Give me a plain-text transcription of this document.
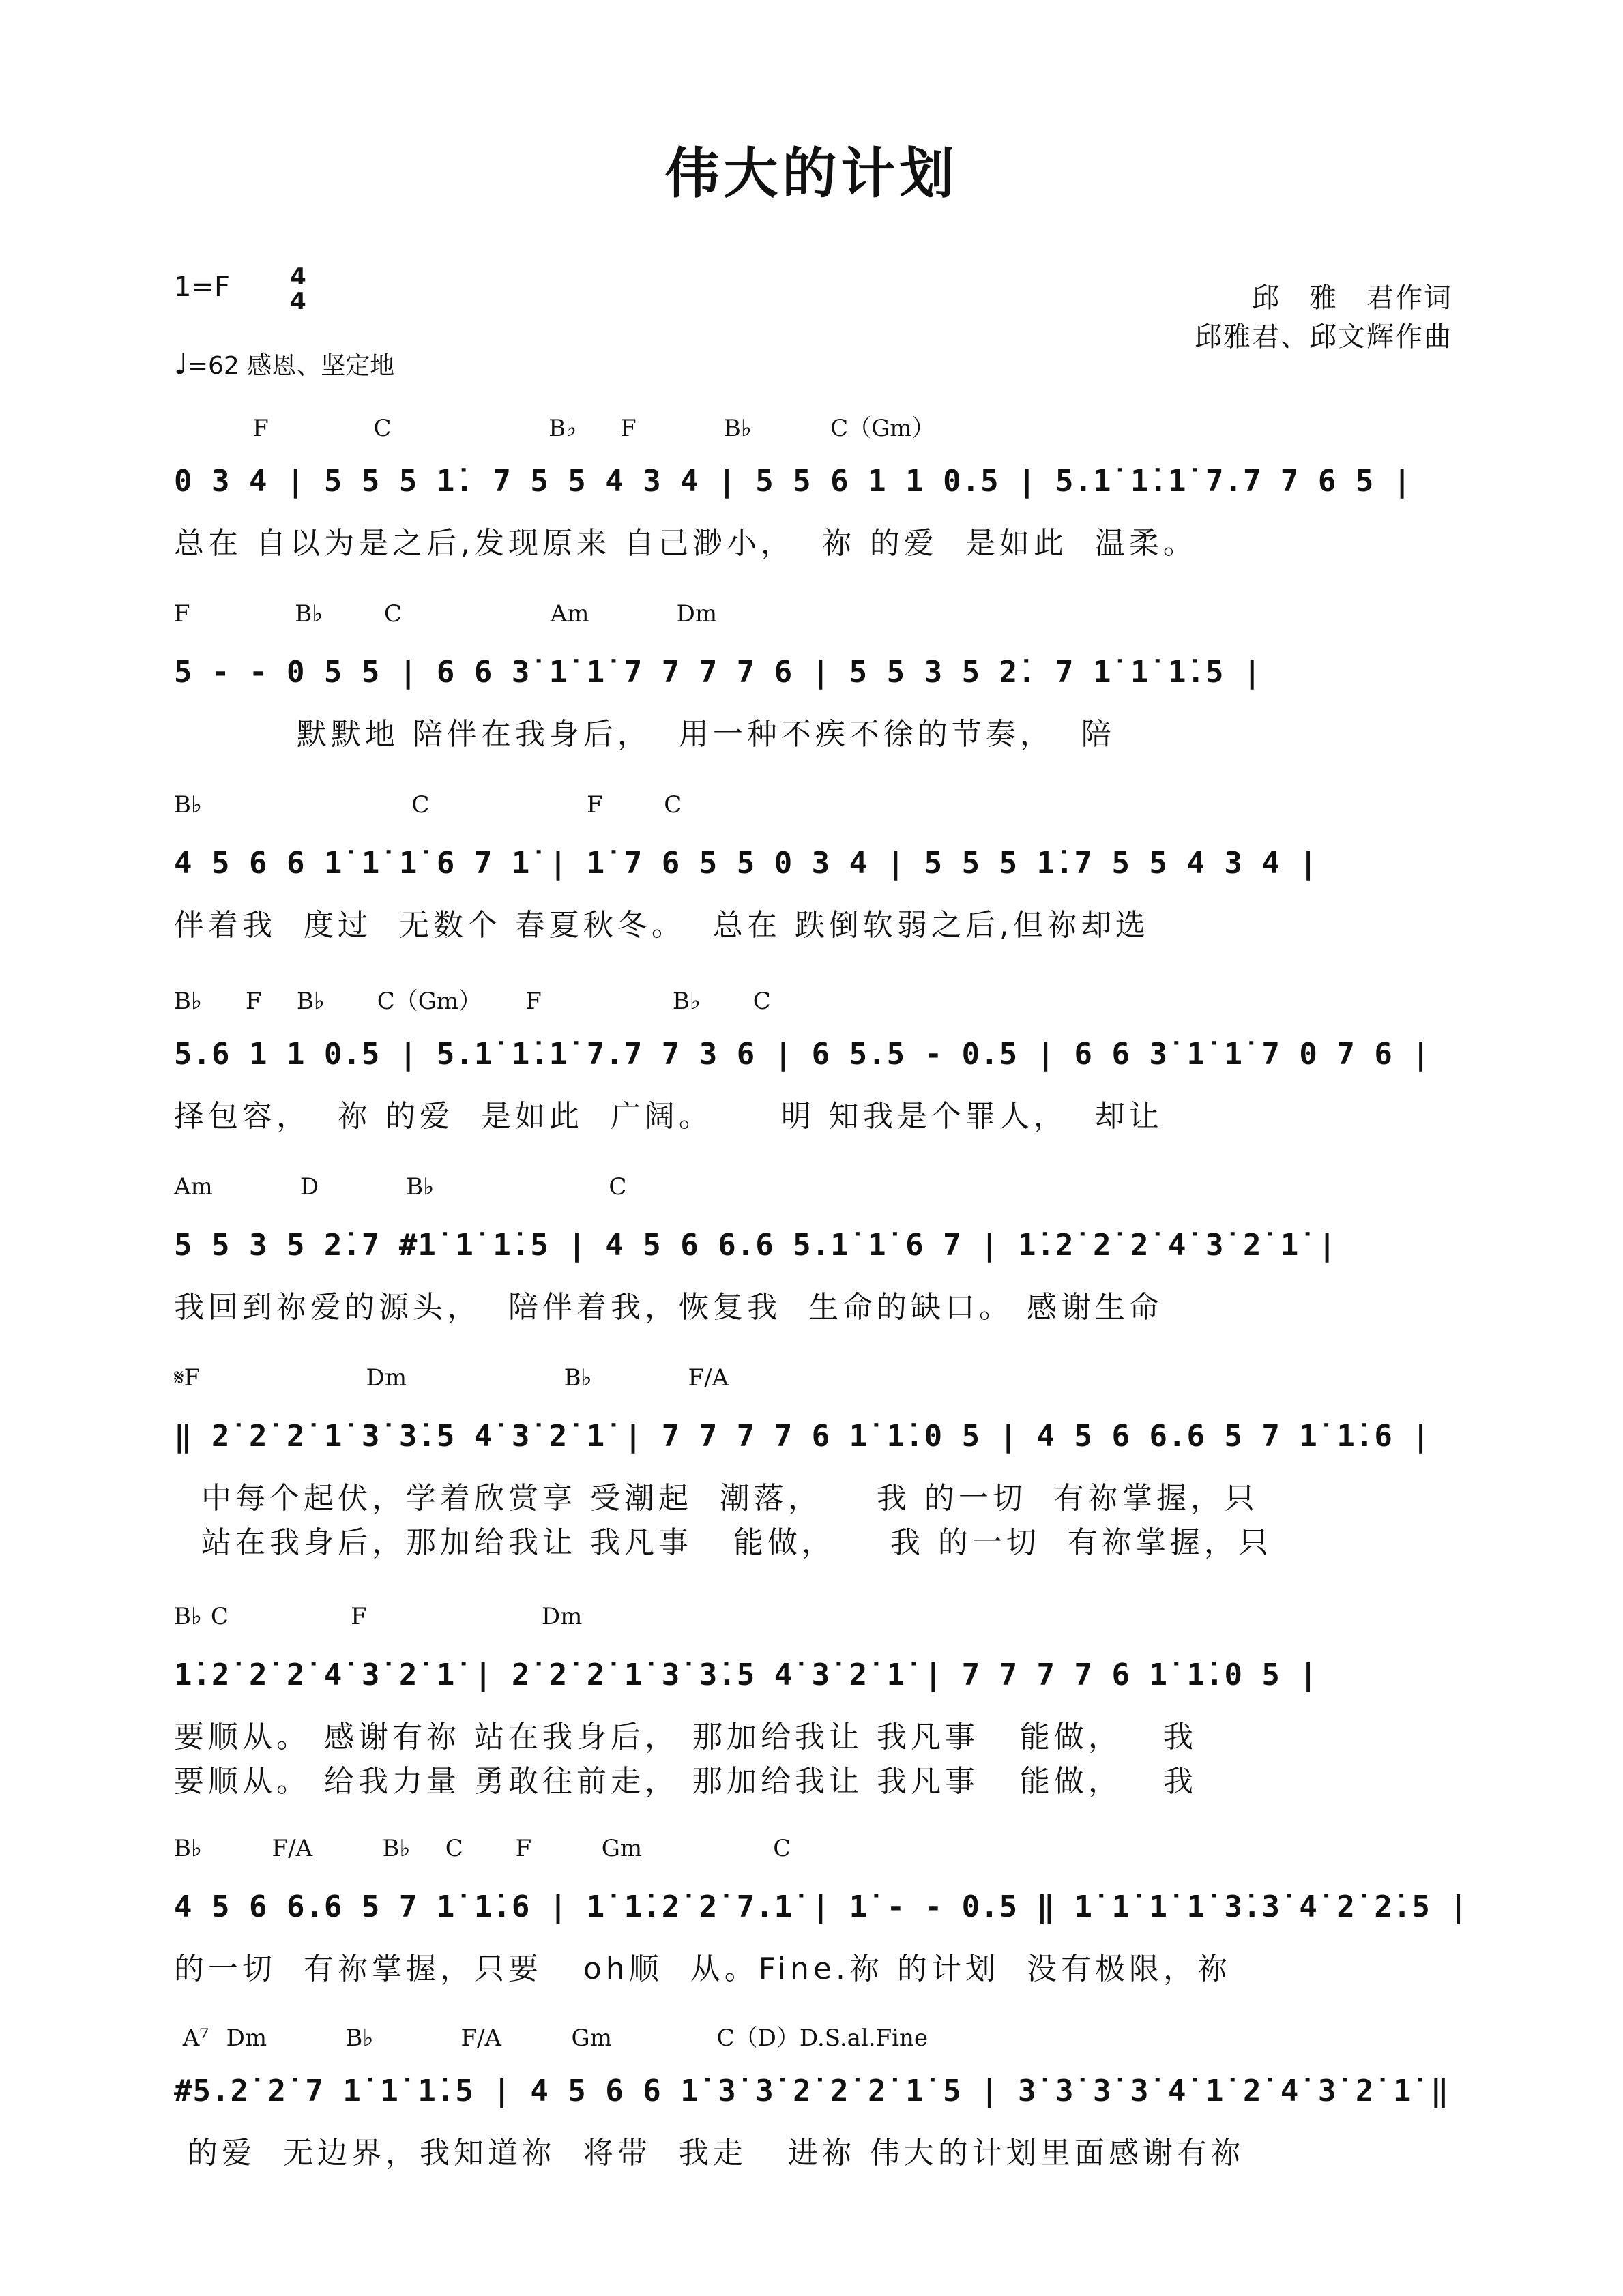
伟大的计划
1=F	4
4
♩=62 感恩、坚定地
邱　雅　君作词
邱雅君、邱文辉作曲
F            C                  B♭     F          B♭         C（Gm）
0 3 4 | 5 5 5 1̇. 7 5 5 4 3 4 | 5 5 6 1 1 0.5 | 5.1̇ 1̇.1̇ 7.7 7 6 5 |
总在 自以为是之后,发现原来 自己渺小，  祢 的爱  是如此  温柔。
F            B♭       C                 Am          Dm
5 - - 0 5 5 | 6 6 3̇ 1̇ 1̇ 7 7 7 7 6 | 5 5 3 5 2̇. 7 1̇ 1̇ 1̇.5 |
默默地 陪伴在我身后，  用一种不疾不徐的节奏，  陪
B♭                        C                  F       C
4 5 6 6 1̇ 1̇ 1̇ 6 7 1̇ | 1̇ 7 6 5 5 0 3 4 | 5 5 5 1̇.7 5 5 4 3 4 |
伴着我  度过  无数个 春夏秋冬。  总在 跌倒软弱之后,但祢却选
B♭     F    B♭      C（Gm）     F               B♭      C
5.6 1 1 0.5 | 5.1̇ 1̇.1̇ 7.7 7 3 6 | 6 5.5 - 0.5 | 6 6 3̇ 1̇ 1̇ 7 0 7 6 |
择包容，  祢 的爱  是如此  广阔。     明 知我是个罪人，  却让
Am          D          B♭                    C
5 5 3 5 2̇.7 #1̇ 1̇ 1̇.5 | 4 5 6 6.6 5.1̇ 1̇ 6 7 | 1̇.2̇ 2̇ 2̇ 4̇ 3̇ 2̇ 1̇ |
我回到祢爱的源头，  陪伴着我，恢复我  生命的缺口。 感谢生命
𝄋F                   Dm                  B♭           F/A
‖ 2̇ 2̇ 2̇ 1̇ 3̇ 3̇.5 4̇ 3̇ 2̇ 1̇ | 7 7 7 7 6 1̇ 1̇.0 5 | 4 5 6 6.6 5 7 1̇ 1̇.6 |
中每个起伏，学着欣赏享 受潮起  潮落，    我 的一切  有祢掌握，只
站在我身后，那加给我让 我凡事   能做，    我 的一切  有祢掌握，只
B♭ C              F                    Dm
1̇.2̇ 2̇ 2̇ 4̇ 3̇ 2̇ 1̇ | 2̇ 2̇ 2̇ 1̇ 3̇ 3̇.5 4̇ 3̇ 2̇ 1̇ | 7 7 7 7 6 1̇ 1̇.0 5 |
要顺从。 感谢有祢 站在我身后， 那加给我让 我凡事   能做，   我
要顺从。 给我力量 勇敢往前走， 那加给我让 我凡事   能做，   我
B♭        F/A        B♭    C      F        Gm               C
4 5 6 6.6 5 7 1̇ 1̇.6 | 1̇ 1̇.2̇ 2̇ 7.1̇ | 1̇ - - 0.5 ‖ 1̇ 1̇ 1̇ 1̇ 3̇.3̇ 4̇ 2̇ 2̇.5 |
的一切  有祢掌握，只要   oh顺  从。Fine.祢 的计划  没有极限，祢
A⁷  Dm         B♭          F/A        Gm            C（D）D.S.al.Fine
#5.2̇ 2̇ 7 1̇ 1̇ 1̇.5 | 4 5 6 6 1̇ 3̇ 3̇ 2̇ 2̇ 2̇ 1̇ 5 | 3̇ 3̇ 3̇ 3̇ 4̇ 1̇ 2̇ 4̇ 3̇ 2̇ 1̇ ‖
的爱  无边界，我知道祢  将带  我走   进祢 伟大的计划里面感谢有祢
